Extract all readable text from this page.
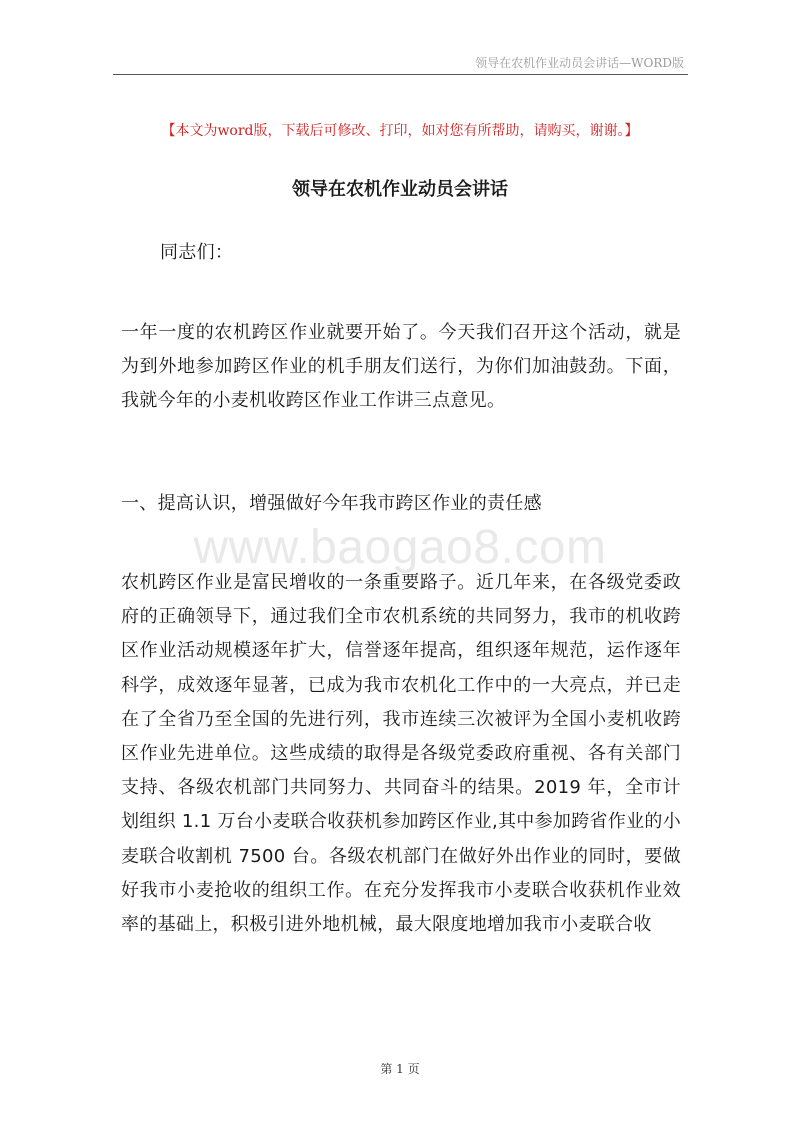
领导在农机作业动员会讲话—WORD版
【本文为word版，下载后可修改、打印，如对您有所帮助，请购买，谢谢。】
领导在农机作业动员会讲话

同志们：

一年一度的农机跨区作业就要开始了。今天我们召开这个活动，就是为到外地参加跨区作业的机手朋友们送行，为你们加油鼓劲。下面，我就今年的小麦机收跨区作业工作讲三点意见。

一、提高认识，增强做好今年我市跨区作业的责任感

www.baogao8.com

农机跨区作业是富民增收的一条重要路子。近几年来，在各级党委政府的正确领导下，通过我们全市农机系统的共同努力，我市的机收跨区作业活动规模逐年扩大，信誉逐年提高，组织逐年规范，运作逐年科学，成效逐年显著，已成为我市农机化工作中的一大亮点，并已走在了全省乃至全国的先进行列，我市连续三次被评为全国小麦机收跨区作业先进单位。这些成绩的取得是各级党委政府重视、各有关部门支持、各级农机部门共同努力、共同奋斗的结果。2019 年，全市计划组织 1.1 万台小麦联合收获机参加跨区作业,其中参加跨省作业的小麦联合收割机 7500 台。各级农机部门在做好外出作业的同时，要做好我市小麦抢收的组织工作。在充分发挥我市小麦联合收获机作业效率的基础上，积极引进外地机械，最大限度地增加我市小麦联合收

第 1 页
